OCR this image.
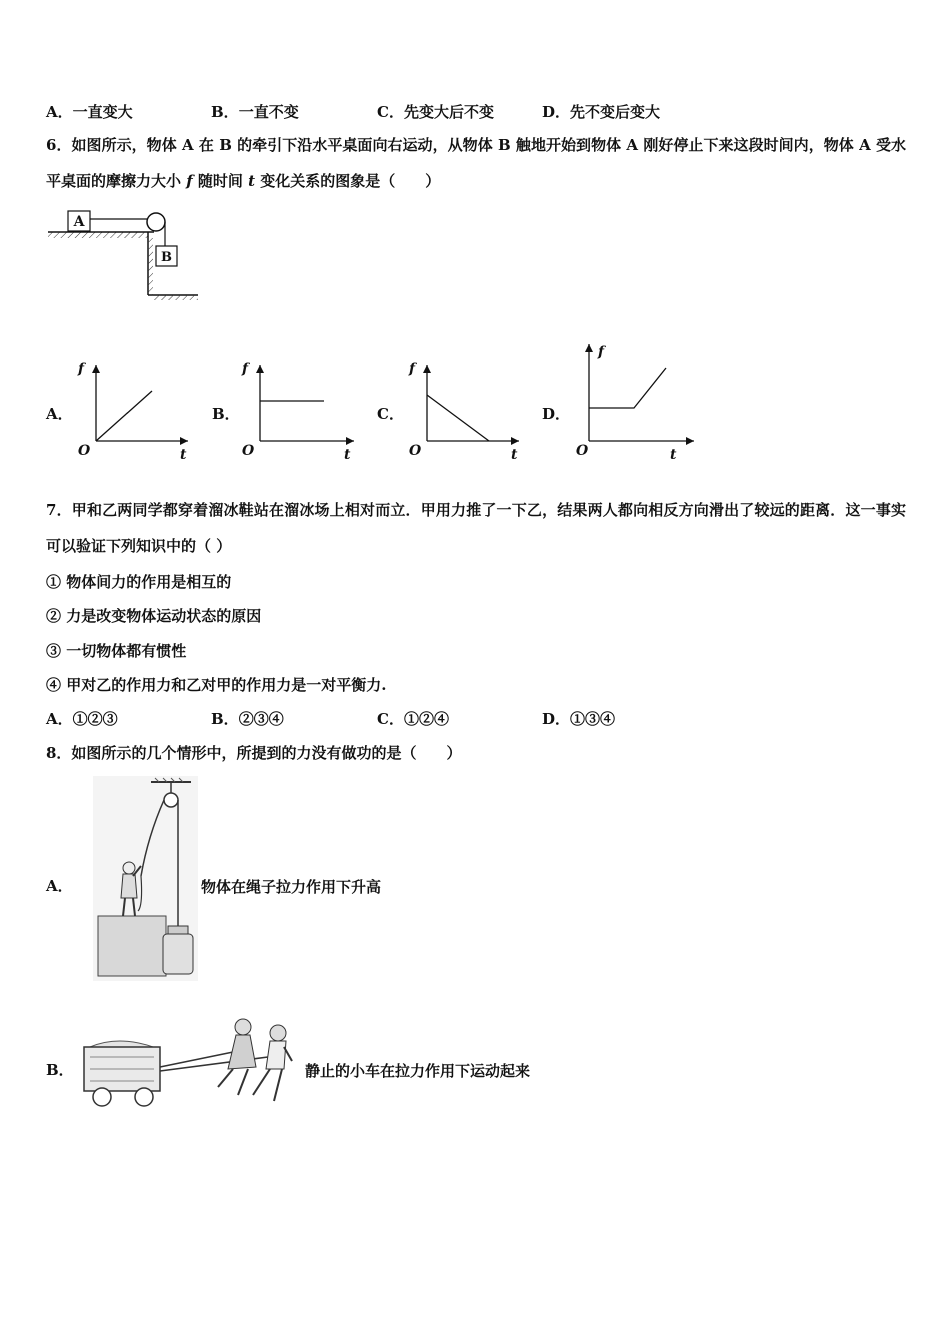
A．一直变大	B．一直不变	C．先变大后不变	D．先不变后变大
6．如图所示，物体 A 在 B 的牵引下沿水平桌面向右运动，从物体 B 触地开始到物体 A 刚好停止下来这段时间内，物体 A 受水平桌面的摩擦力大小 f 随时间 t 变化关系的图象是（　　）
A
B
A．
f
O	t
B．
f
O	t
C．
f
O	t
D．
f
O	t
7．甲和乙两同学都穿着溜冰鞋站在溜冰场上相对而立．甲用力推了一下乙，结果两人都向相反方向滑出了较远的距离．这一事实可以验证下列知识中的（ ）
① 物体间力的作用是相互的
② 力是改变物体运动状态的原因
③ 一切物体都有惯性
④ 甲对乙的作用力和乙对甲的作用力是一对平衡力.
A．①②③	B．②③④	C．①②④	D．①③④
8．如图所示的几个情形中，所提到的力没有做功的是（　　）
A．	物体在绳子拉力作用下升高
B．	静止的小车在拉力作用下运动起来
